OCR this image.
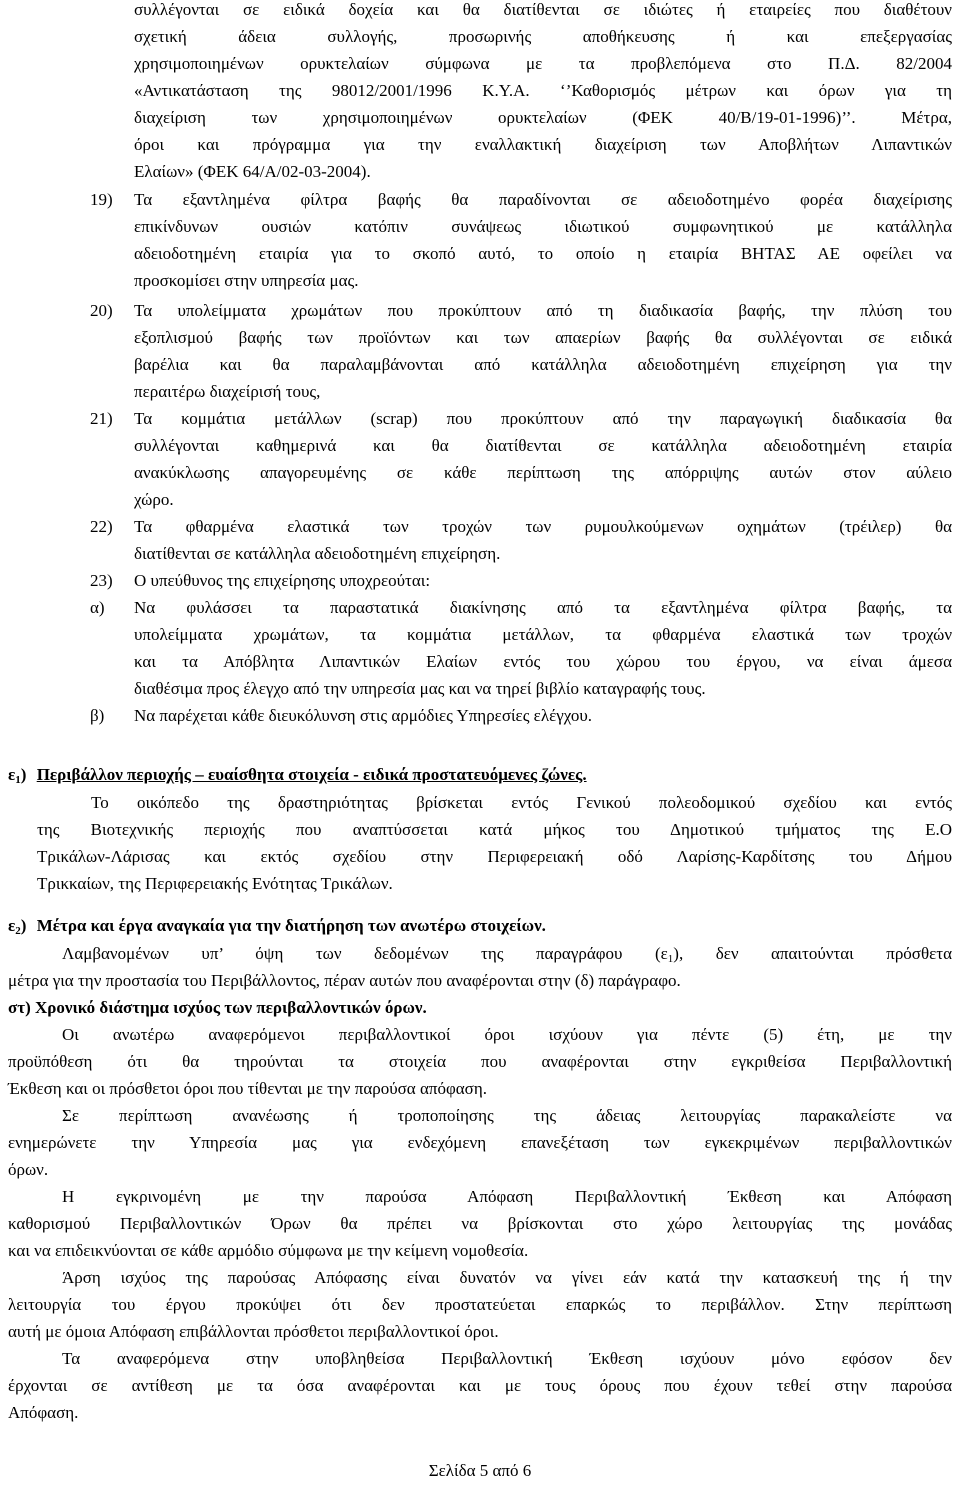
συλλέγονται σε ειδικά δοχεία και θα διατίθενται σε ιδιώτες ή εταιρείες που διαθέτουν
σχετική άδεια συλλογής, προσωρινής αποθήκευσης ή και επεξεργασίας
χρησιμοποιημένων ορυκτελαίων σύμφωνα με τα προβλεπόμενα στο Π.Δ. 82/2004
«Αντικατάσταση της 98012/2001/1996 Κ.Υ.Α. ‘’Καθορισμός μέτρων και όρων για τη
διαχείριση των χρησιμοποιημένων ορυκτελαίων (ΦΕΚ 40/Β/19-01-1996)’’. Μέτρα,
όροι και πρόγραμμα για την εναλλακτική διαχείριση των Αποβλήτων Λιπαντικών
Ελαίων» (ΦΕΚ 64/Α/02-03-2004).
19) Τα εξαντλημένα φίλτρα βαφής θα παραδίνονται σε αδειοδοτημένο φορέα διαχείρισης
επικίνδυνων ουσιών κατόπιν συνάψεως ιδιωτικού συμφωνητικού με κατάλληλα
αδειοδοτημένη εταιρία για το σκοπό αυτό, το οποίο η εταιρία ΒΗΤΑΣ ΑΕ οφείλει να
προσκομίσει στην υπηρεσία μας.
20) Τα υπολείμματα χρωμάτων που προκύπτουν από τη διαδικασία βαφής, την πλύση του
εξοπλισμού βαφής των προϊόντων και των απαερίων βαφής θα συλλέγονται σε ειδικά
βαρέλια και θα παραλαμβάνονται από κατάλληλα αδειοδοτημένη επιχείρηση για την
περαιτέρω διαχείρισή τους,
21) Τα κομμάτια μετάλλων (scrap) που προκύπτουν από την παραγωγική διαδικασία θα
συλλέγονται καθημερινά και θα διατίθενται σε κατάλληλα αδειοδοτημένη εταιρία
ανακύκλωσης απαγορευμένης σε κάθε περίπτωση της απόρριψης αυτών στον αύλειο
χώρο.
22) Τα φθαρμένα ελαστικά των τροχών των ρυμουλκούμενων οχημάτων (τρέιλερ) θα
διατίθενται σε κατάλληλα αδειοδοτημένη επιχείρηση.
23) Ο υπεύθυνος της επιχείρησης υποχρεούται:
α) Να φυλάσσει τα παραστατικά διακίνησης από τα εξαντλημένα φίλτρα βαφής, τα
υπολείμματα χρωμάτων, τα κομμάτια μετάλλων, τα φθαρμένα ελαστικά των τροχών
και τα Απόβλητα Λιπαντικών Ελαίων εντός του χώρου του έργου, να είναι άμεσα
διαθέσιμα προς έλεγχο από την υπηρεσία μας και να τηρεί βιβλίο καταγραφής τους.
β) Να παρέχεται κάθε διευκόλυνση στις αρμόδιες Υπηρεσίες ελέγχου.
$\varepsilon_1$) Περιβάλλον περιοχής – ευαίσθητα στοιχεία - ειδικά προστατευόμενες ζώνες.
Το οικόπεδο της δραστηριότητας βρίσκεται εντός Γενικού πολεοδομικού σχεδίου και εντός
της Βιοτεχνικής περιοχής που αναπτύσσεται κατά μήκος του Δημοτικού τμήματος της Ε.Ο
Τρικάλων-Λάρισας και εκτός σχεδίου στην Περιφερειακή οδό Λαρίσης-Καρδίτσης του Δήμου
Τρικκαίων, της Περιφερειακής Ενότητας Τρικάλων.
$\varepsilon_2$) Μέτρα και έργα αναγκαία για την διατήρηση των ανωτέρω στοιχείων.
Λαμβανομένων υπ’ όψη των δεδομένων της παραγράφου $(\varepsilon_1)$, δεν απαιτούνται πρόσθετα
μέτρα για την προστασία του Περιβάλλοντος, πέραν αυτών που αναφέρονται στην (δ) παράγραφο.
στ) Χρονικό διάστημα ισχύος των περιβαλλοντικών όρων.
Οι ανωτέρω αναφερόμενοι περιβαλλοντικοί όροι ισχύουν για πέντε (5) έτη, με την
προϋπόθεση ότι θα τηρούνται τα στοιχεία που αναφέρονται στην εγκριθείσα Περιβαλλοντική
Έκθεση και οι πρόσθετοι όροι που τίθενται με την παρούσα απόφαση.
Σε περίπτωση ανανέωσης ή τροποποίησης της άδειας λειτουργίας παρακαλείστε να
ενημερώνετε την Υπηρεσία μας για ενδεχόμενη επανεξέταση των εγκεκριμένων περιβαλλοντικών
όρων.
Η εγκρινομένη με την παρούσα Απόφαση Περιβαλλοντική Έκθεση και Απόφαση
καθορισμού Περιβαλλοντικών Όρων θα πρέπει να βρίσκονται στο χώρο λειτουργίας της μονάδας
και να επιδεικνύονται σε κάθε αρμόδιο σύμφωνα με την κείμενη νομοθεσία.
Άρση ισχύος της παρούσας Απόφασης είναι δυνατόν να γίνει εάν κατά την κατασκευή της ή την
λειτουργία του έργου προκύψει ότι δεν προστατεύεται επαρκώς το περιβάλλον. Στην περίπτωση
αυτή με όμοια Απόφαση επιβάλλονται πρόσθετοι περιβαλλοντικοί όροι.
Τα αναφερόμενα στην υποβληθείσα Περιβαλλοντική Έκθεση ισχύουν μόνο εφόσον δεν
έρχονται σε αντίθεση με τα όσα αναφέρονται και με τους όρους που έχουν τεθεί στην παρούσα
Απόφαση.
Σελίδα 5 από 6
